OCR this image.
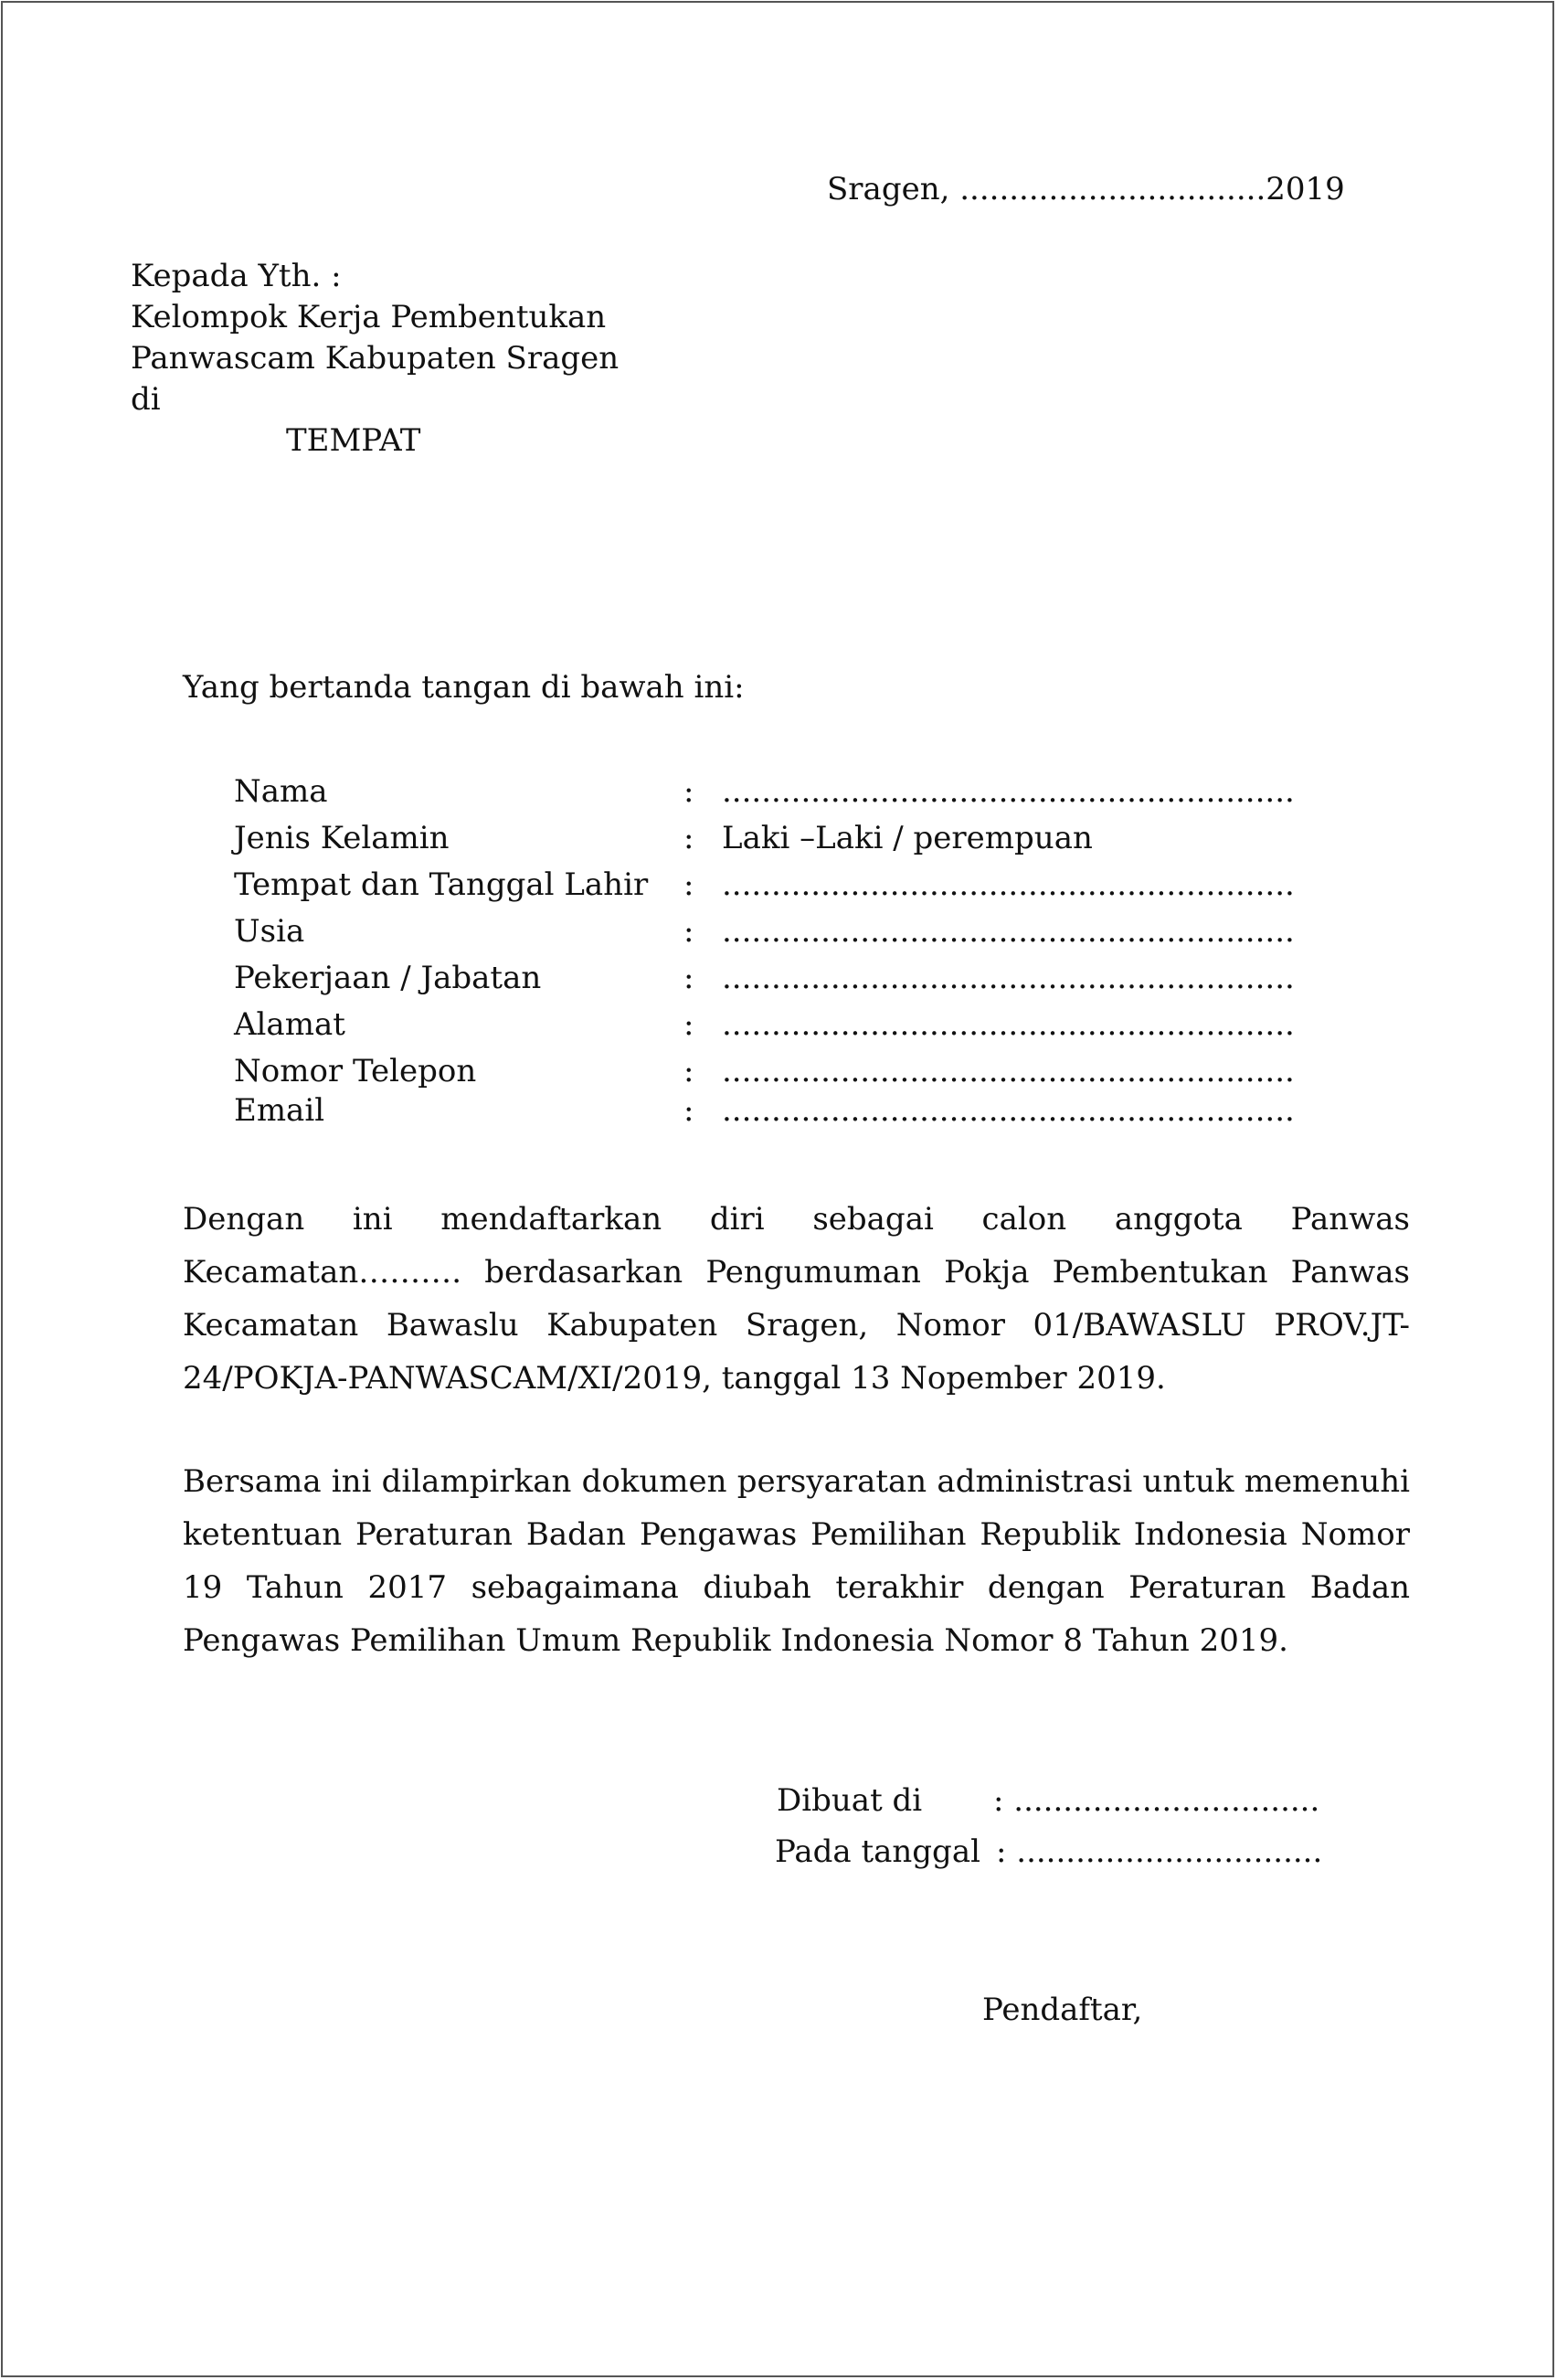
Sragen, ...............................2019
Kepada Yth. :
Kelompok Kerja Pembentukan
Panwascam Kabupaten Sragen
di
TEMPAT
Yang bertanda tangan di bawah ini:
Nama	: ..........................................................
Jenis Kelamin	: Laki –Laki / perempuan
Tempat dan Tanggal Lahir : ..........................................................
Usia	: ..........................................................
Pekerjaan / Jabatan	: ..........................................................
Alamat	: ..........................................................
Nomor Telepon	: ..........................................................
Email	: ..........................................................
Dengan ini mendaftarkan diri sebagai calon anggota Panwas Kecamatan………. berdasarkan Pengumuman Pokja Pembentukan Panwas Kecamatan Bawaslu Kabupaten Sragen, Nomor 01/BAWASLU PROV.JT-24/POKJA-PANWASCAM/XI/2019, tanggal 13 Nopember 2019.
Bersama ini dilampirkan dokumen persyaratan administrasi untuk memenuhi ketentuan Peraturan Badan Pengawas Pemilihan Republik Indonesia Nomor 19 Tahun 2017 sebagaimana diubah terakhir dengan Peraturan Badan Pengawas Pemilihan Umum Republik Indonesia Nomor 8 Tahun 2019.
Dibuat di : ...............................
Pada tanggal : ...............................
Pendaftar,
